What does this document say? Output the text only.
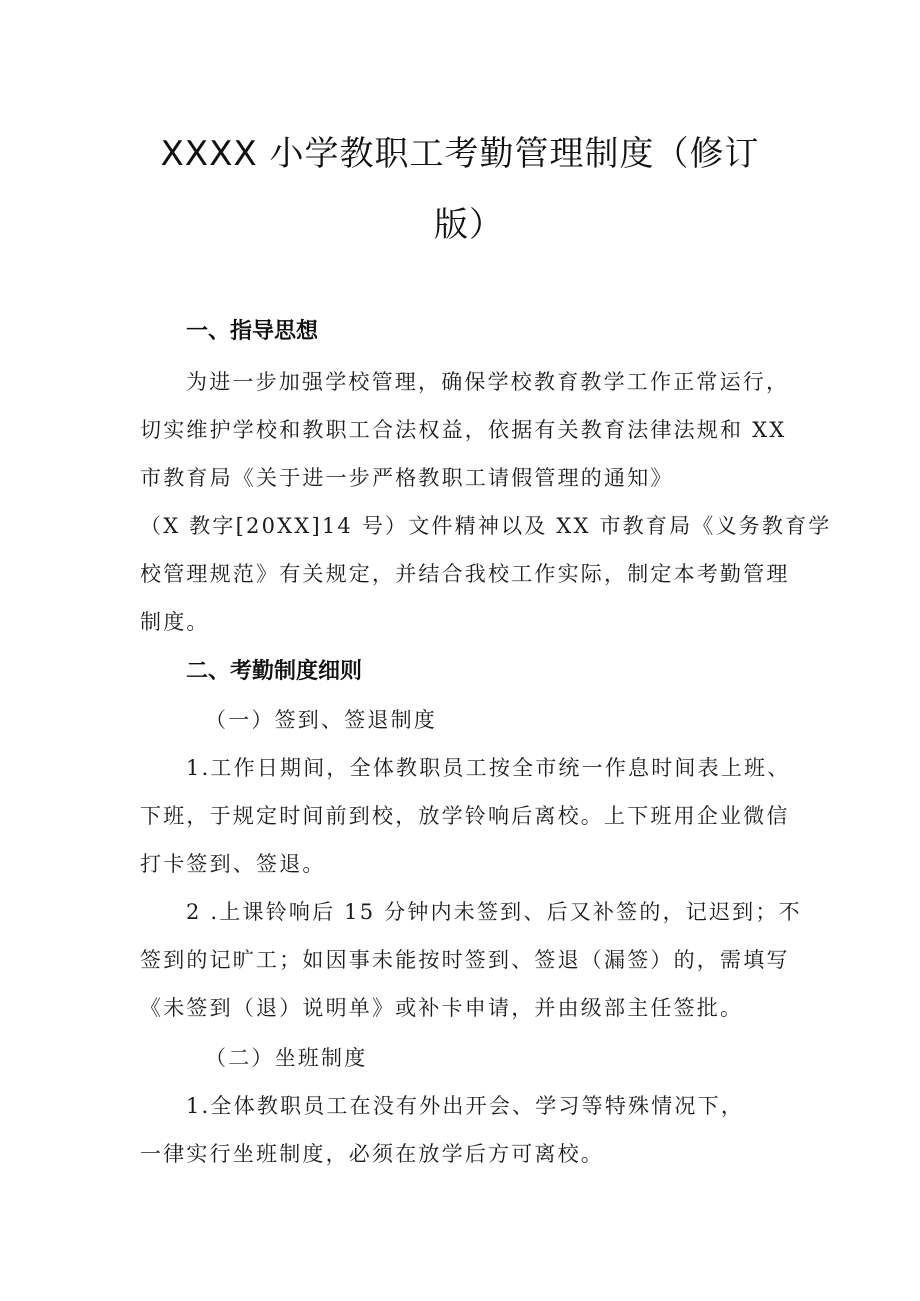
XXXX 小学教职工考勤管理制度（修订
版）
一、指导思想
为进一步加强学校管理，确保学校教育教学工作正常运行，
切实维护学校和教职工合法权益，依据有关教育法律法规和 XX
市教育局《关于进一步严格教职工请假管理的通知》
（X 教字[20XX]14 号）文件精神以及 XX 市教育局《义务教育学
校管理规范》有关规定，并结合我校工作实际，制定本考勤管理
制度。
二、考勤制度细则
（一）签到、签退制度
1.工作日期间，全体教职员工按全市统一作息时间表上班、
下班，于规定时间前到校，放学铃响后离校。上下班用企业微信
打卡签到、签退。
2 .上课铃响后 15 分钟内未签到、后又补签的，记迟到；不
签到的记旷工；如因事未能按时签到、签退（漏签）的，需填写
《未签到（退）说明单》或补卡申请，并由级部主任签批。
（二）坐班制度
1.全体教职员工在没有外出开会、学习等特殊情况下，
一律实行坐班制度，必须在放学后方可离校。
